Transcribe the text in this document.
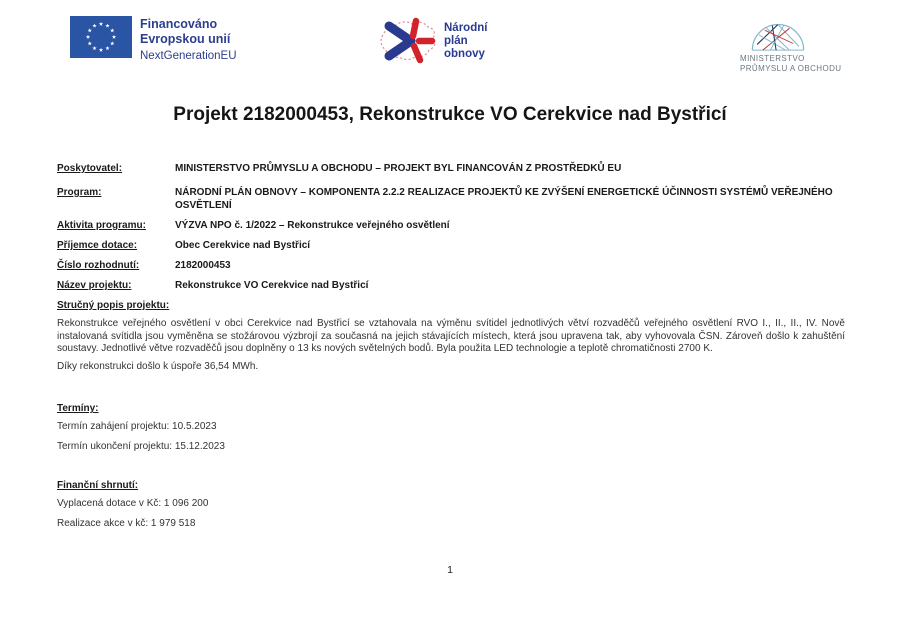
Financováno
Evropskou unií
NextGenerationEU
Národní
plán
obnovy	MINISTERSTVO
PRŮMYSLU A OBCHODU
Projekt 2182000453, Rekonstrukce VO Cerekvice nad Bystřicí
Poskytovatel:	MINISTERSTVO PRŮMYSLU A OBCHODU – PROJEKT BYL FINANCOVÁN Z PROSTŘEDKŮ EU
Program:	NÁRODNÍ PLÁN OBNOVY – KOMPONENTA 2.2.2 REALIZACE PROJEKTŮ KE ZVÝŠENÍ ENERGETICKÉ ÚČINNOSTI SYSTÉMŮ VEŘEJNÉHO OSVĚTLENÍ
Aktivita programu:	VÝZVA NPO č. 1/2022 – Rekonstrukce veřejného osvětlení
Příjemce dotace:	Obec Cerekvice nad Bystřicí
Číslo rozhodnutí:	2182000453
Název projektu:	Rekonstrukce VO Cerekvice nad Bystřicí
Stručný popis projektu:

Rekonstrukce veřejného osvětlení v obci Cerekvice nad Bystřicí se vztahovala na výměnu svítidel jednotlivých větví rozvaděčů veřejného osvětlení RVO I., II., II., IV. Nově instalovaná svítidla jsou vyměněna se stožárovou výzbrojí za současná na jejich stávajících místech, která jsou upravena tak, aby vyhovovala ČSN. Zároveň došlo k zahuštění soustavy. Jednotlivé větve rozvaděčů jsou doplněny o 13 ks nových světelných bodů. Byla použita LED technologie a teplotě chromatičnosti 2700 K.

Díky rekonstrukci došlo k úspoře 36,54 MWh.

Termíny:

Termín zahájení projektu: 10.5.2023

Termín ukončení projektu: 15.12.2023

Finanční shrnutí:

Vyplacená dotace v Kč: 1 096 200

Realizace akce v kč: 1 979 518

1
